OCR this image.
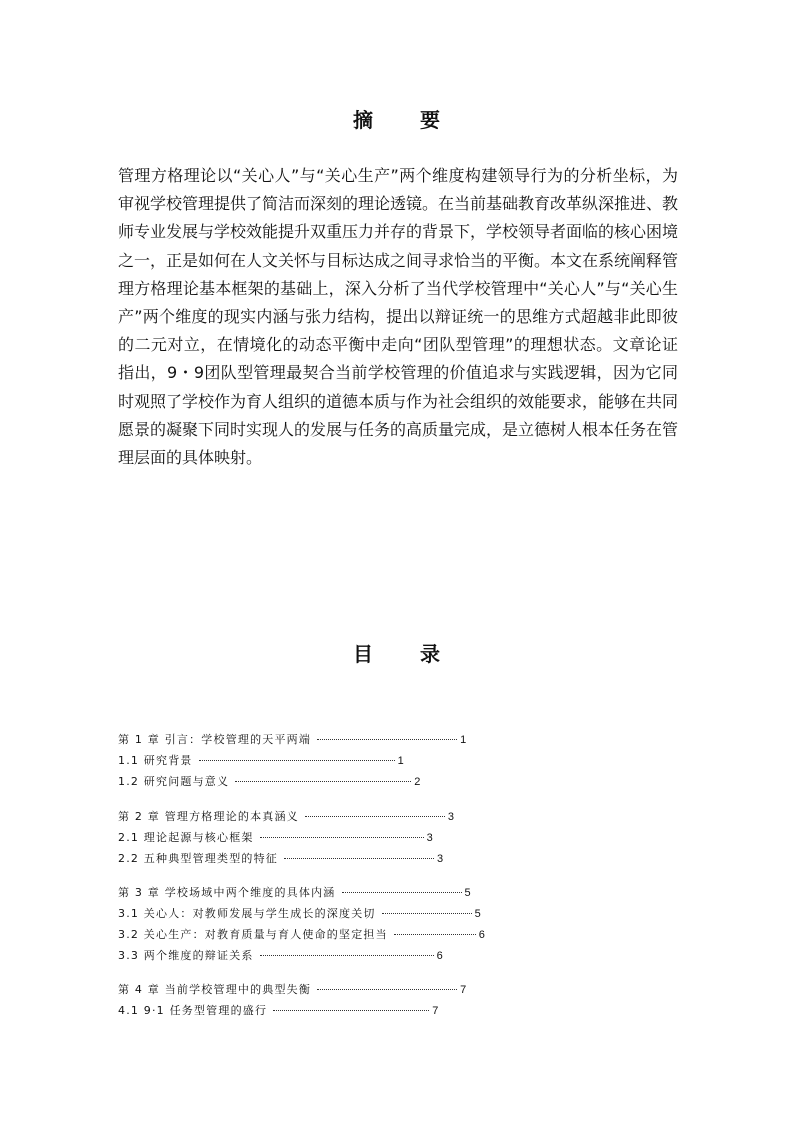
摘 要

管理方格理论以“关心人”与“关心生产”两个维度构建领导行为的分析坐标，为审视学校管理提供了简洁而深刻的理论透镜。在当前基础教育改革纵深推进、教师专业发展与学校效能提升双重压力并存的背景下，学校领导者面临的核心困境之一，正是如何在人文关怀与目标达成之间寻求恰当的平衡。本文在系统阐释管理方格理论基本框架的基础上，深入分析了当代学校管理中“关心人”与“关心生产”两个维度的现实内涵与张力结构，提出以辩证统一的思维方式超越非此即彼的二元对立，在情境化的动态平衡中走向“团队型管理”的理想状态。文章论证指出，9・9团队型管理最契合当前学校管理的价值追求与实践逻辑，因为它同时观照了学校作为育人组织的道德本质与作为社会组织的效能要求，能够在共同愿景的凝聚下同时实现人的发展与任务的高质量完成，是立德树人根本任务在管理层面的具体映射。

目 录
第 1 章 引言：学校管理的天平两端	1
1.1 研究背景	1
1.2 研究问题与意义	2
第 2 章 管理方格理论的本真涵义	3
2.1 理论起源与核心框架	3
2.2 五种典型管理类型的特征	3
第 3 章 学校场域中两个维度的具体内涵	5
3.1 关心人：对教师发展与学生成长的深度关切	5
3.2 关心生产：对教育质量与育人使命的坚定担当	6
3.3 两个维度的辩证关系	6
第 4 章 当前学校管理中的典型失衡	7
4.1 9·1 任务型管理的盛行	7
